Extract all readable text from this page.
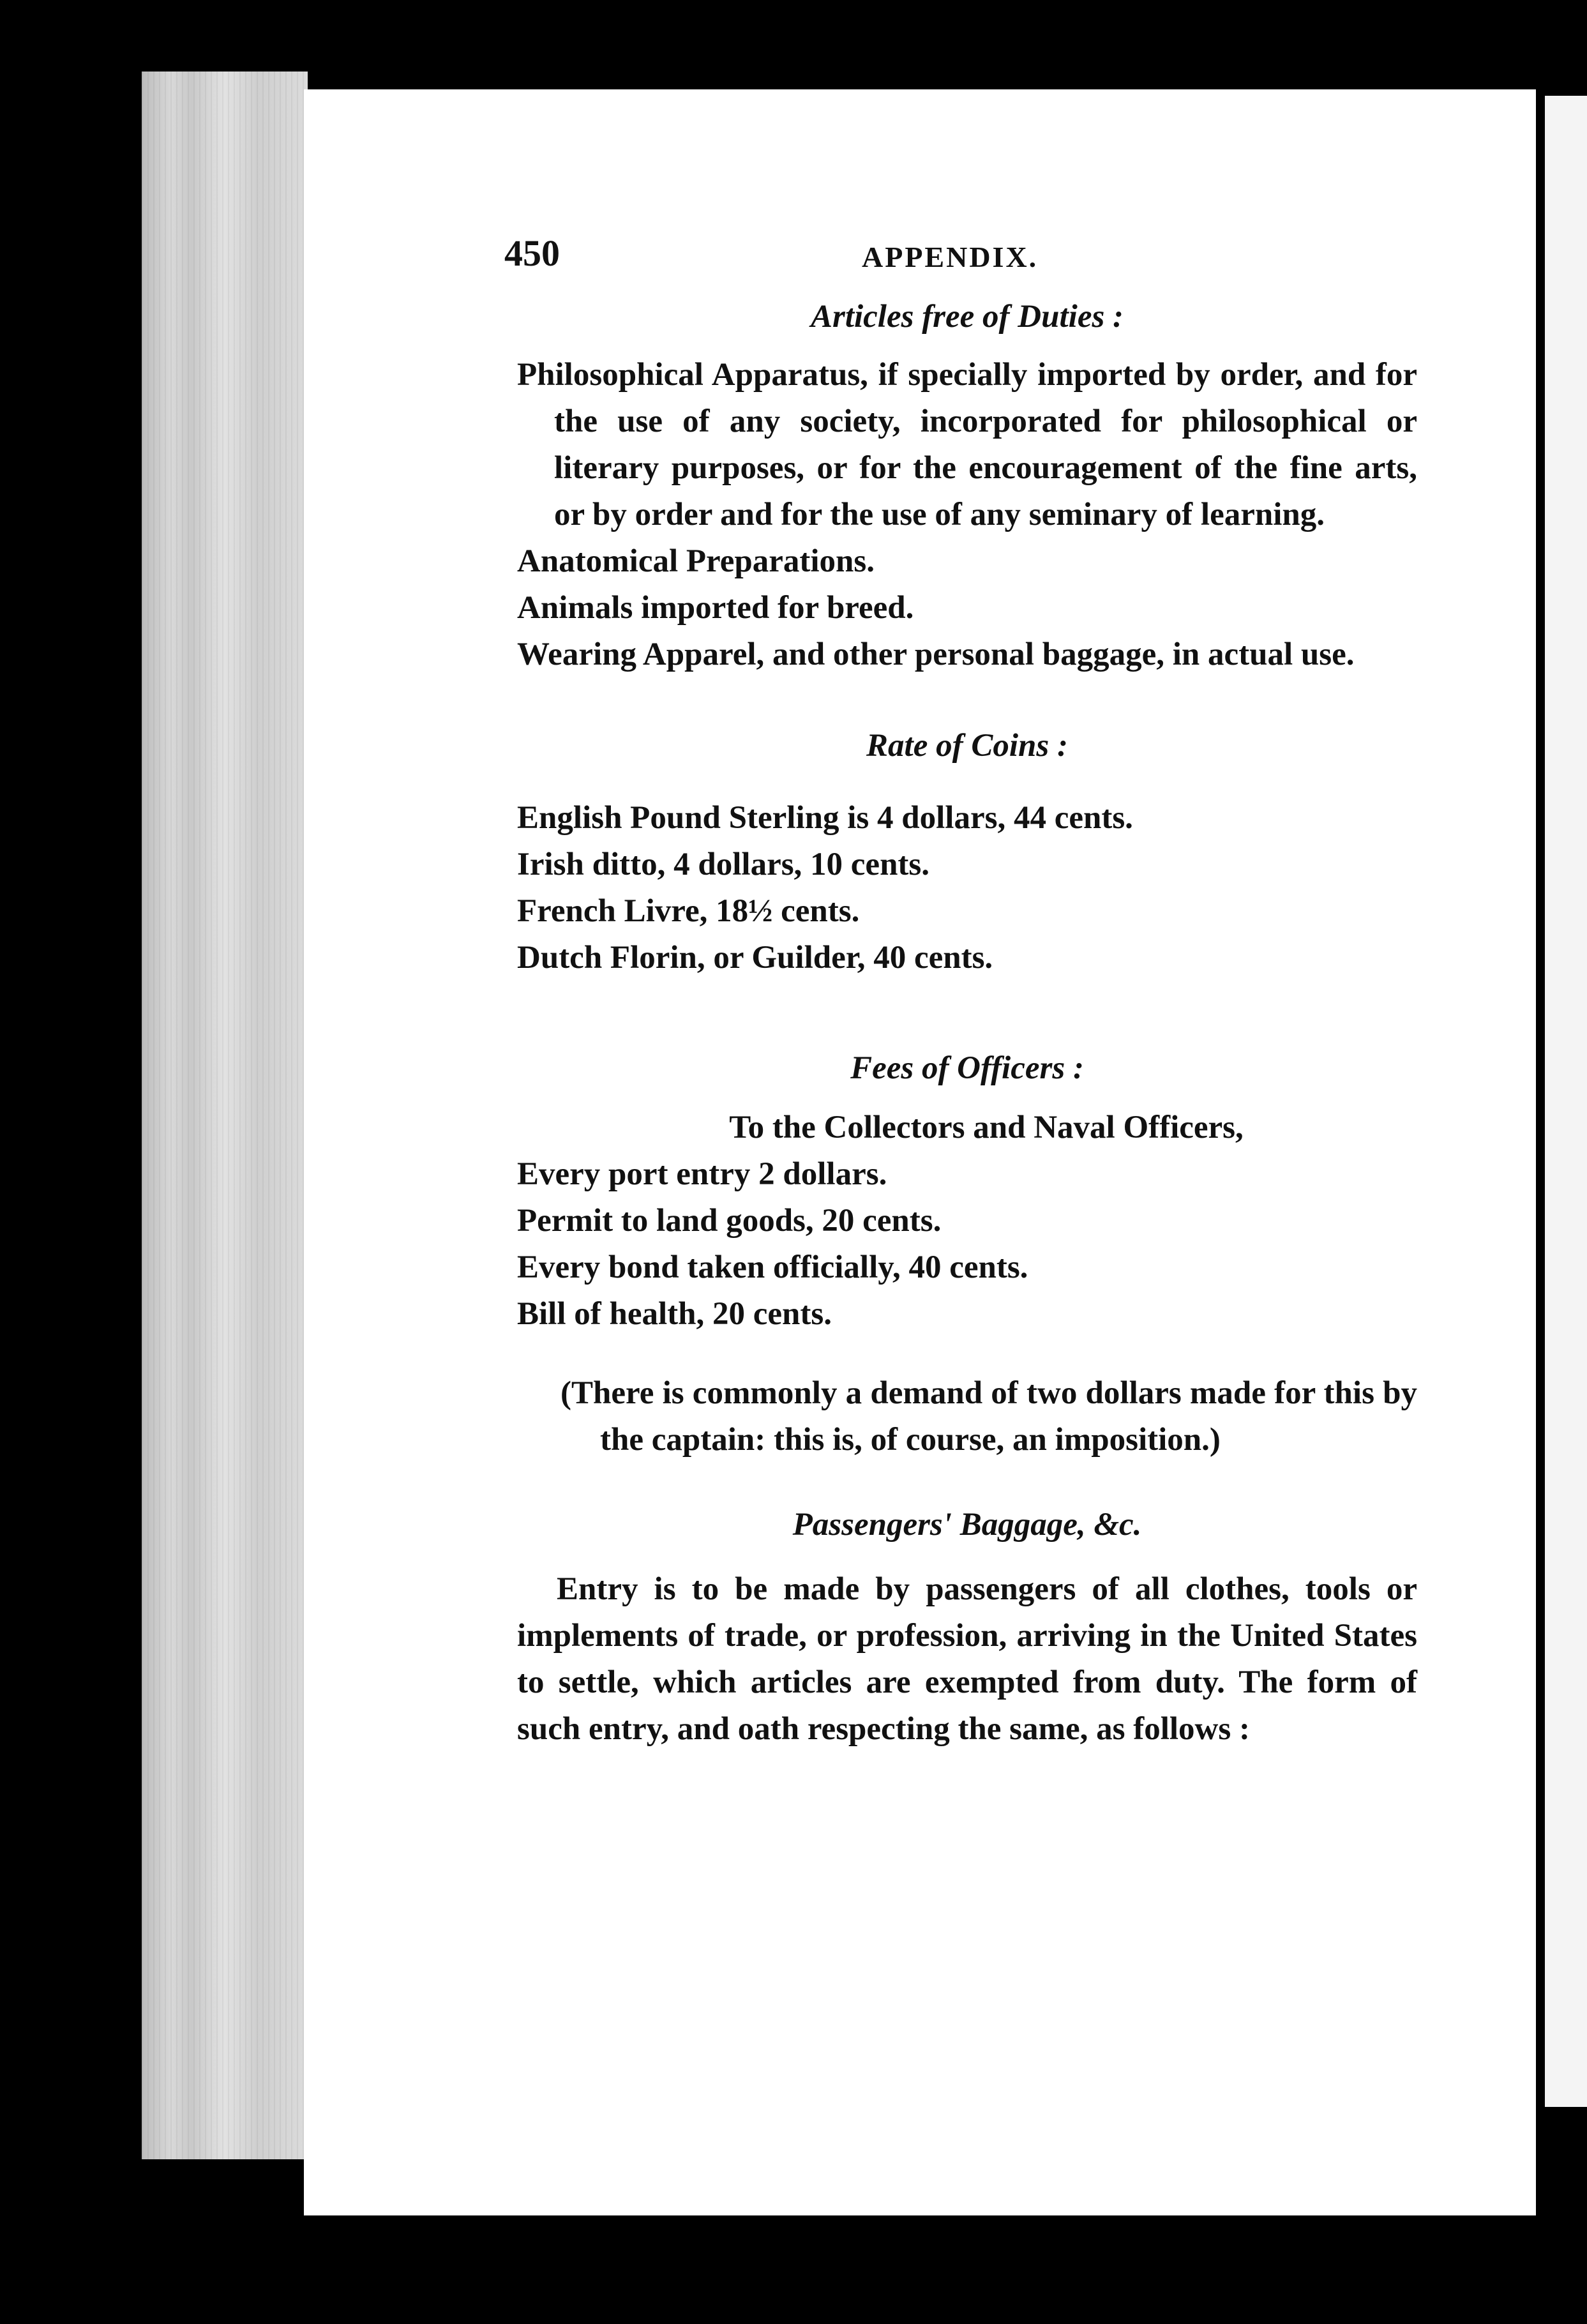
450	APPENDIX.
Articles free of Duties :
Philosophical Apparatus, if specially imported by order, and for the use of any society, incorporated for philosophical or literary purposes, or for the encouragement of the fine arts, or by order and for the use of any seminary of learning.
Anatomical Preparations.
Animals imported for breed.
Wearing Apparel, and other personal baggage, in actual use.
Rate of Coins :
English Pound Sterling is 4 dollars, 44 cents.
Irish ditto, 4 dollars, 10 cents.
French Livre, 18½ cents.
Dutch Florin, or Guilder, 40 cents.
Fees of Officers :

To the Collectors and Naval Officers,

Every port entry 2 dollars.
Permit to land goods, 20 cents.
Every bond taken officially, 40 cents.
Bill of health, 20 cents.

(There is commonly a demand of two dollars made for this by the captain: this is, of course, an imposition.)

Passengers' Baggage, &c.

Entry is to be made by passengers of all clothes, tools or implements of trade, or profession, arriving in the United States to settle, which articles are exempted from duty. The form of such entry, and oath respecting the same, as follows :
